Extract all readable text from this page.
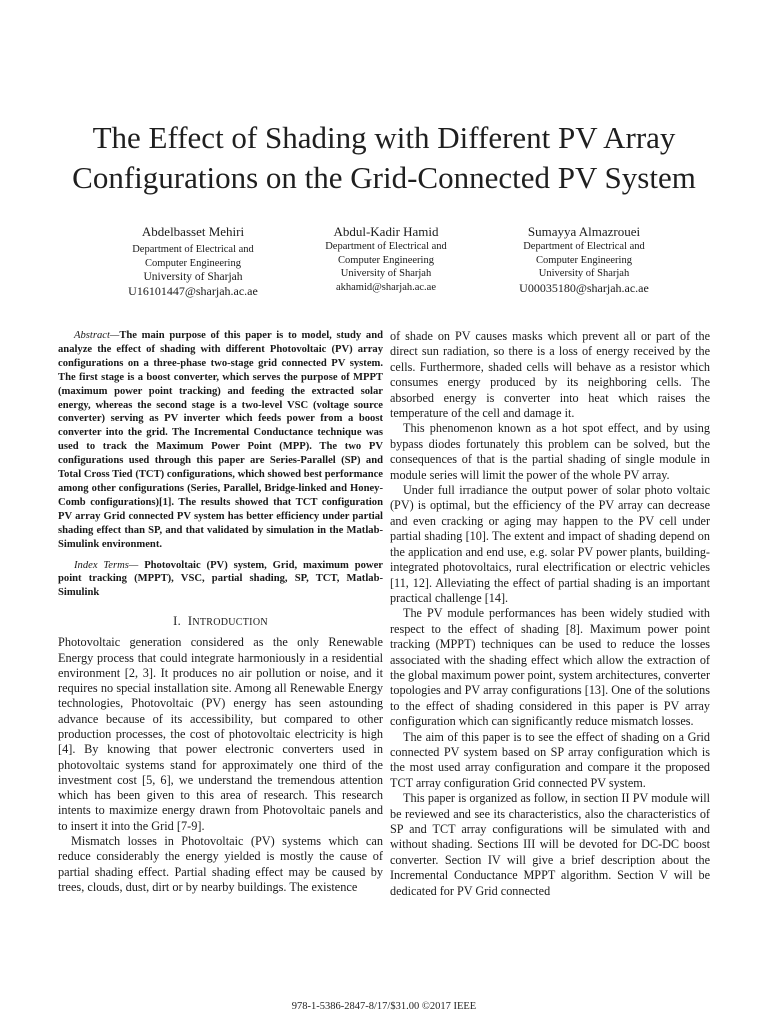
The Effect of Shading with Different PV Array Configurations on the Grid-Connected PV System
Abdelbasset Mehiri
Department of Electrical and Computer Engineering
University of Sharjah
U16101447@sharjah.ac.ae
Abdul-Kadir Hamid
Department of Electrical and Computer Engineering
University of Sharjah
akhamid@sharjah.ac.ae
Sumayya Almazrouei
Department of Electrical and Computer Engineering
University of Sharjah
U00035180@sharjah.ac.ae

Abstract—The main purpose of this paper is to model, study and analyze the effect of shading with different Photovoltaic (PV) array configurations on a three-phase two-stage grid connected PV system. The first stage is a boost converter, which serves the purpose of MPPT (maximum power point tracking) and feeding the extracted solar energy, whereas the second stage is a two-level VSC (voltage source converter) serving as PV inverter which feeds power from a boost converter into the grid. The Incremental Conductance technique was used to track the Maximum Power Point (MPP). The two PV configurations used through this paper are Series-Parallel (SP) and Total Cross Tied (TCT) configurations, which showed best performance among other configurations (Series, Parallel, Bridge-linked and Honey-Comb configurations)[1]. The results showed that TCT configuration PV array Grid connected PV system has better efficiency under partial shading effect than SP, and that validated by simulation in the Matlab-Simulink environment.

Index Terms— Photovoltaic (PV) system, Grid, maximum power point tracking (MPPT), VSC, partial shading, SP, TCT, Matlab-Simulink

I. INTRODUCTION

Photovoltaic generation considered as the only Renewable Energy process that could integrate harmoniously in a residential environment [2, 3]. It produces no air pollution or noise, and it requires no special installation site. Among all Renewable Energy technologies, Photovoltaic (PV) energy has seen astounding advance because of its accessibility, but compared to other production processes, the cost of photovoltaic electricity is high [4]. By knowing that power electronic converters used in photovoltaic systems stand for approximately one third of the investment cost [5, 6], we understand the tremendous attention which has been given to this area of research. This research intents to maximize energy drawn from Photovoltaic panels and to insert it into the Grid [7-9].

Mismatch losses in Photovoltaic (PV) systems which can reduce considerably the energy yielded is mostly the cause of partial shading effect. Partial shading effect may be caused by trees, clouds, dust, dirt or by nearby buildings. The existence

of shade on PV causes masks which prevent all or part of the direct sun radiation, so there is a loss of energy received by the cells. Furthermore, shaded cells will behave as a resistor which consumes energy produced by its neighboring cells. The absorbed energy is converter into heat which raises the temperature of the cell and damage it.

This phenomenon known as a hot spot effect, and by using bypass diodes fortunately this problem can be solved, but the consequences of that is the partial shading of single module in module series will limit the power of the whole PV array.

Under full irradiance the output power of solar photo voltaic (PV) is optimal, but the efficiency of the PV array can decrease and even cracking or aging may happen to the PV cell under partial shading [10]. The extent and impact of shading depend on the application and end use, e.g. solar PV power plants, building-integrated photovoltaics, rural electrification or electric vehicles [11, 12]. Alleviating the effect of partial shading is an important practical challenge [14].

The PV module performances has been widely studied with respect to the effect of shading [8]. Maximum power point tracking (MPPT) techniques can be used to reduce the losses associated with the shading effect which allow the extraction of the global maximum power point, system architectures, converter topologies and PV array configurations [13]. One of the solutions to the effect of shading considered in this paper is PV array configuration which can significantly reduce mismatch losses.

The aim of this paper is to see the effect of shading on a Grid connected PV system based on SP array configuration which is the most used array configuration and compare it the proposed TCT array configuration Grid connected PV system.

This paper is organized as follow, in section II PV module will be reviewed and see its characteristics, also the characteristics of SP and TCT array configurations will be simulated with and without shading. Sections III will be devoted for DC-DC boost converter. Section IV will give a brief description about the Incremental Conductance MPPT algorithm. Section V will be dedicated for PV Grid connected

978-1-5386-2847-8/17/$31.00 ©2017 IEEE
